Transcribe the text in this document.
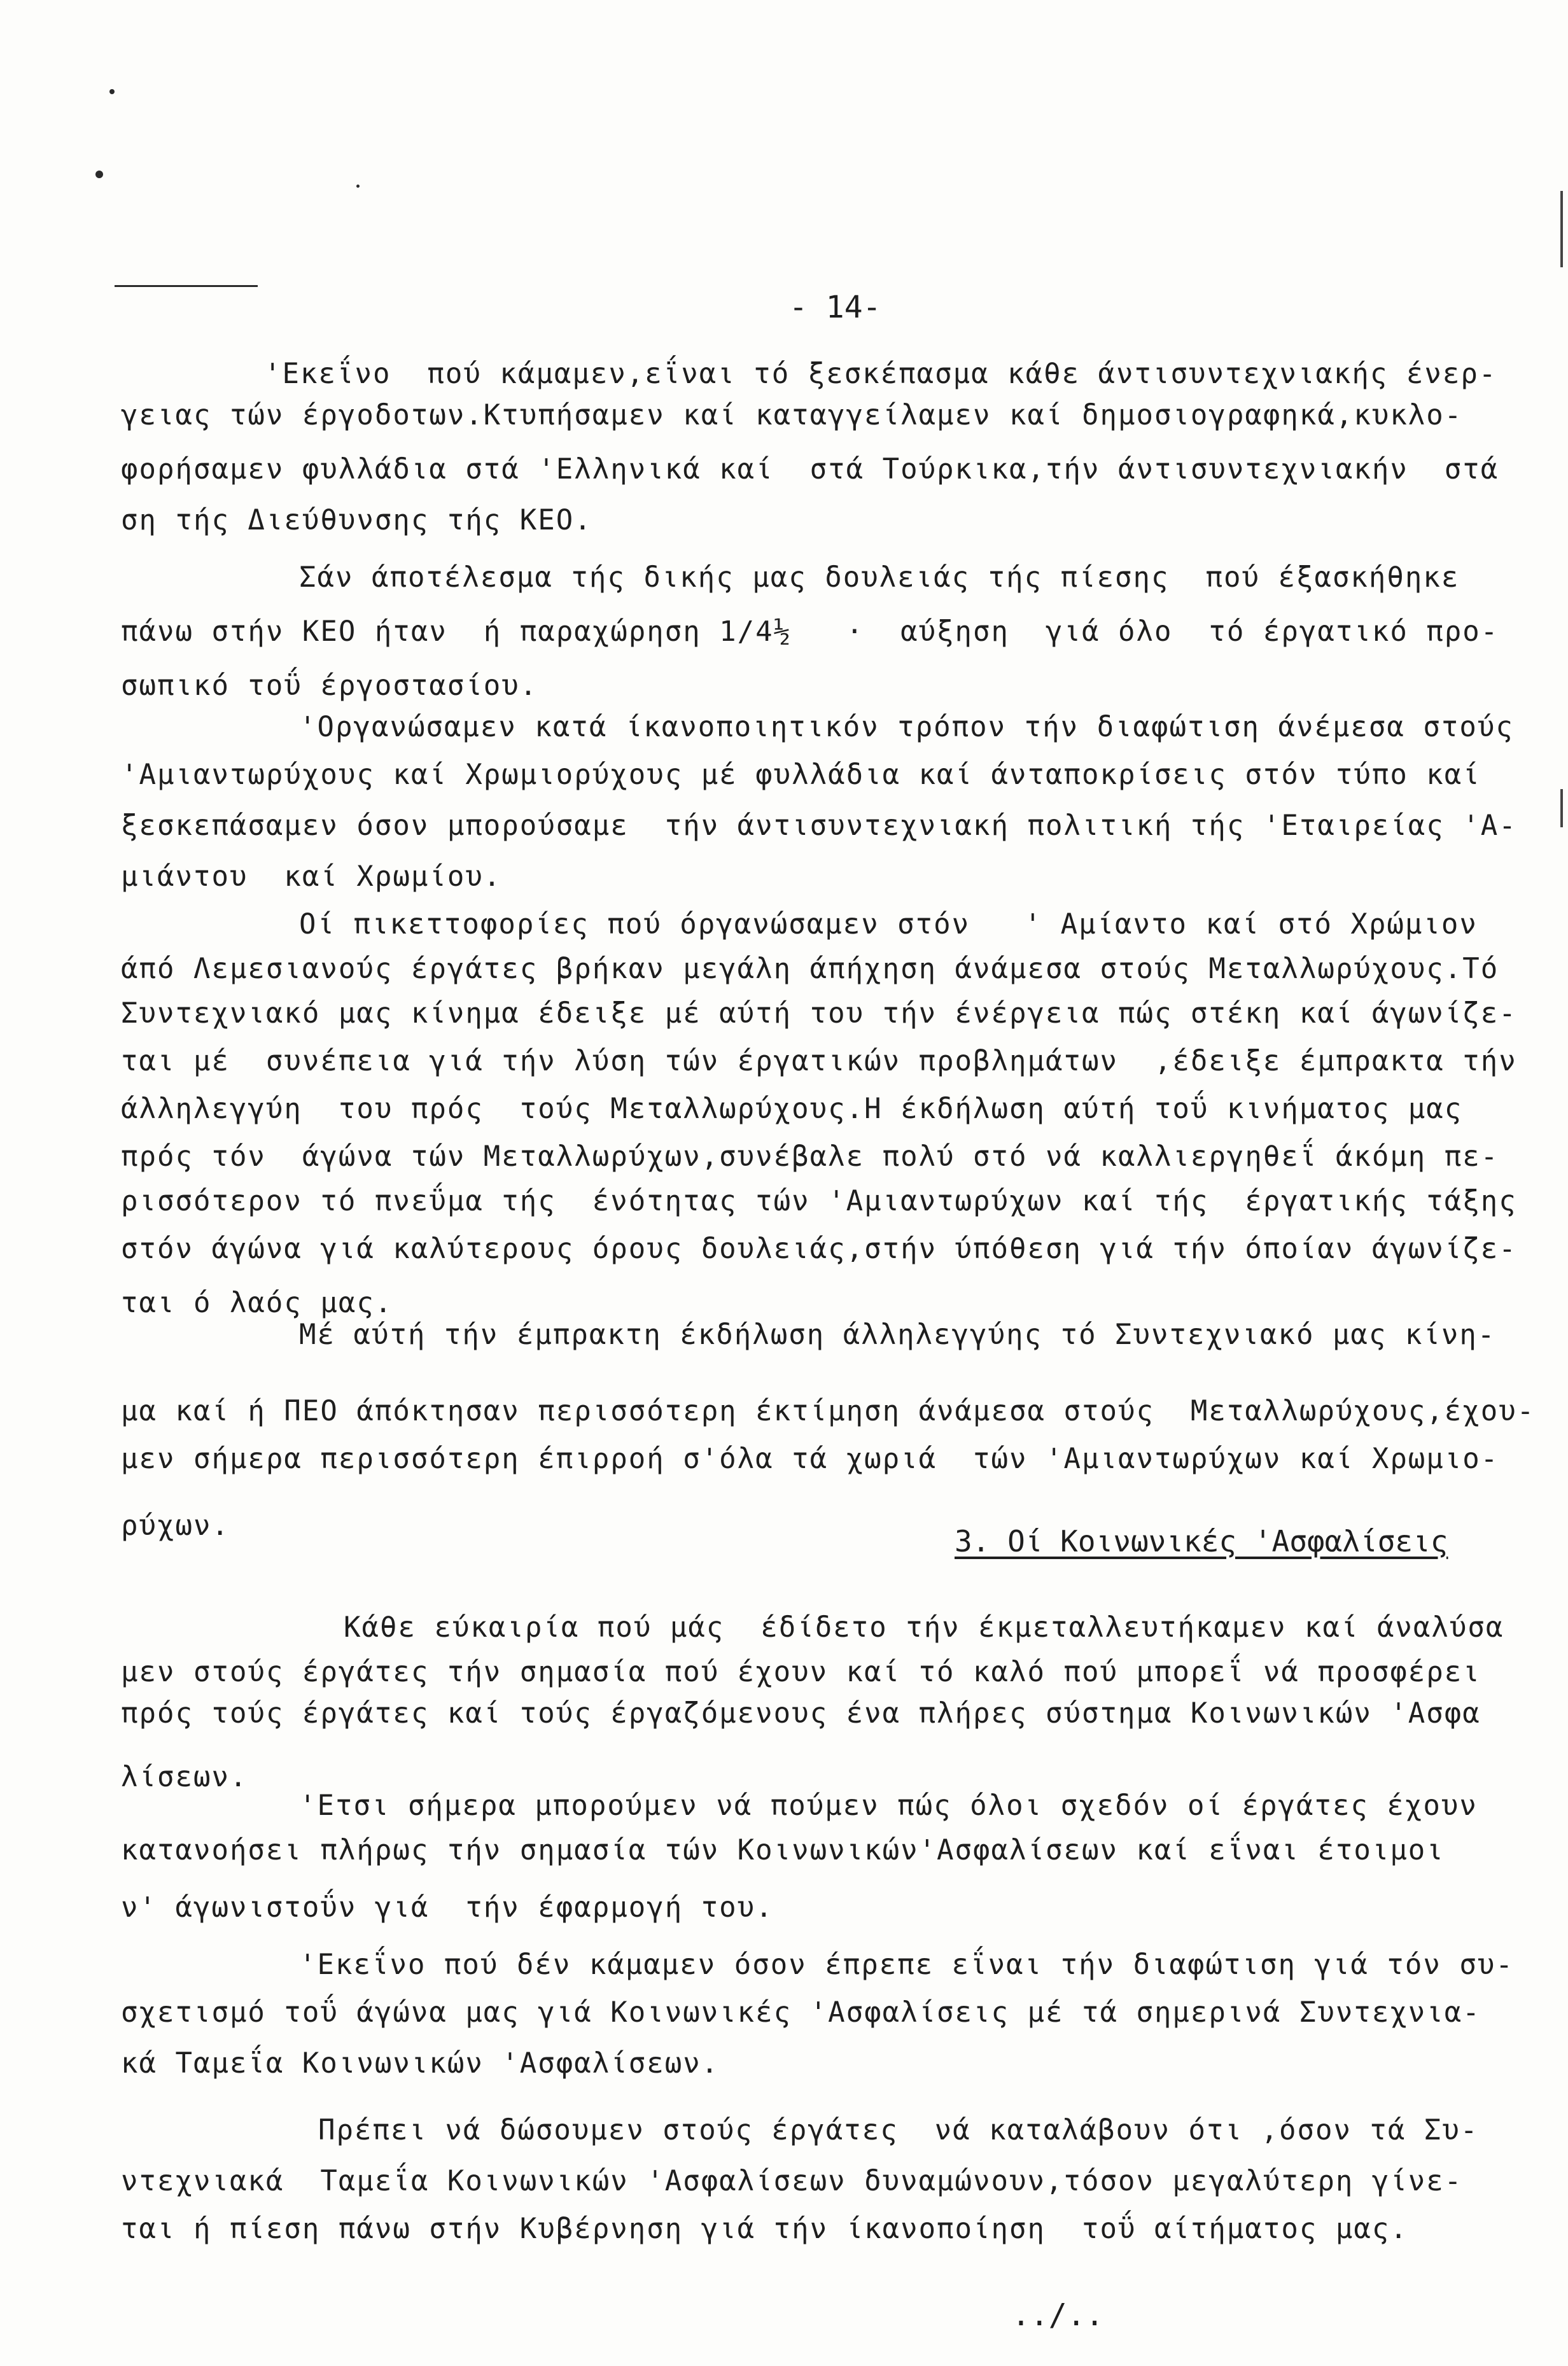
- 14-
'Εκεΐνο  πού κάμαμεν,εΐναι τό ξεσκέπασμα κάθε άντισυντεχνιακής ένερ-
γειας τών έργοδοτων.Κτυπήσαμεν καί καταγγείλαμεν καί δημοσιογραφηκά,κυκλο-
φορήσαμεν φυλλάδια στά 'Ελληνικά καί  στά Τούρκικα,τήν άντισυντεχνιακήν  στά
ση τής Διεύθυνσης τής ΚΕΟ.
Σάν άποτέλεσμα τής δικής μας δουλειάς τής πίεσης  πού έξασκήθηκε
πάνω στήν ΚΕΟ ήταν  ή παραχώρηση 1/4½   ·  αύξηση  γιά όλο  τό έργατικό προ-
σωπικό τοΰ έργοστασίου.
'Οργανώσαμεν κατά ίκανοποιητικόν τρόπον τήν διαφώτιση άνέμεσα στούς
'Αμιαντωρύχους καί Χρωμιορύχους μέ φυλλάδια καί άνταποκρίσεις στόν τύπο καί
ξεσκεπάσαμεν όσον μπορούσαμε  τήν άντισυντεχνιακή πολιτική τής 'Εταιρείας 'Α-
μιάντου  καί Χρωμίου.
Οί πικεττοφορίες πού όργανώσαμεν στόν   ' Αμίαντο καί στό Χρώμιον
άπό Λεμεσιανούς έργάτες βρήκαν μεγάλη άπήχηση άνάμεσα στούς Μεταλλωρύχους.Τό
Συντεχνιακό μας κίνημα έδειξε μέ αύτή του τήν ένέργεια πώς στέκη καί άγωνίζε-
ται μέ  συνέπεια γιά τήν λύση τών έργατικών προβλημάτων  ,έδειξε έμπρακτα τήν
άλληλεγγύη  του πρός  τούς Μεταλλωρύχους.Η έκδήλωση αύτή τοΰ κινήματος μας
πρός τόν  άγώνα τών Μεταλλωρύχων,συνέβαλε πολύ στό νά καλλιεργηθεΐ άκόμη πε-
ρισσότερον τό πνεΰμα τής  ένότητας τών 'Αμιαντωρύχων καί τής  έργατικής τάξης
στόν άγώνα γιά καλύτερους όρους δουλειάς,στήν ύπόθεση γιά τήν όποίαν άγωνίζε-
ται ό λαός μας.
Μέ αύτή τήν έμπρακτη έκδήλωση άλληλεγγύης τό Συντεχνιακό μας κίνη-
μα καί ή ΠΕΟ άπόκτησαν περισσότερη έκτίμηση άνάμεσα στούς  Μεταλλωρύχους,έχου-
μεν σήμερα περισσότερη έπιρροή σ'όλα τά χωριά  τών 'Αμιαντωρύχων καί Χρωμιο-
ρύχων.	3. Οί Κοινωνικές 'Ασφαλίσεις
Κάθε εύκαιρία πού μάς  έδίδετο τήν έκμεταλλευτήκαμεν καί άναλύσα
μεν στούς έργάτες τήν σημασία πού έχουν καί τό καλό πού μπορεΐ νά προσφέρει
πρός τούς έργάτες καί τούς έργαζόμενους ένα πλήρες σύστημα Κοινωνικών 'Ασφα
λίσεων.
'Ετσι σήμερα μπορούμεν νά πούμεν πώς όλοι σχεδόν οί έργάτες έχουν
κατανοήσει πλήρως τήν σημασία τών Κοινωνικών'Ασφαλίσεων καί εΐναι έτοιμοι
ν' άγωνιστοΰν γιά  τήν έφαρμογή του.
'Εκεΐνο πού δέν κάμαμεν όσον έπρεπε εΐναι τήν διαφώτιση γιά τόν συ-
σχετισμό τοΰ άγώνα μας γιά Κοινωνικές 'Ασφαλίσεις μέ τά σημερινά Συντεχνια-
κά Ταμεΐα Κοινωνικών 'Ασφαλίσεων.
Πρέπει νά δώσουμεν στούς έργάτες  νά καταλάβουν ότι ,όσον τά Συ-
ντεχνιακά  Ταμεΐα Κοινωνικών 'Ασφαλίσεων δυναμώνουν,τόσον μεγαλύτερη γίνε-
ται ή πίεση πάνω στήν Κυβέρνηση γιά τήν ίκανοποίηση  τοΰ αίτήματος μας.
../..
